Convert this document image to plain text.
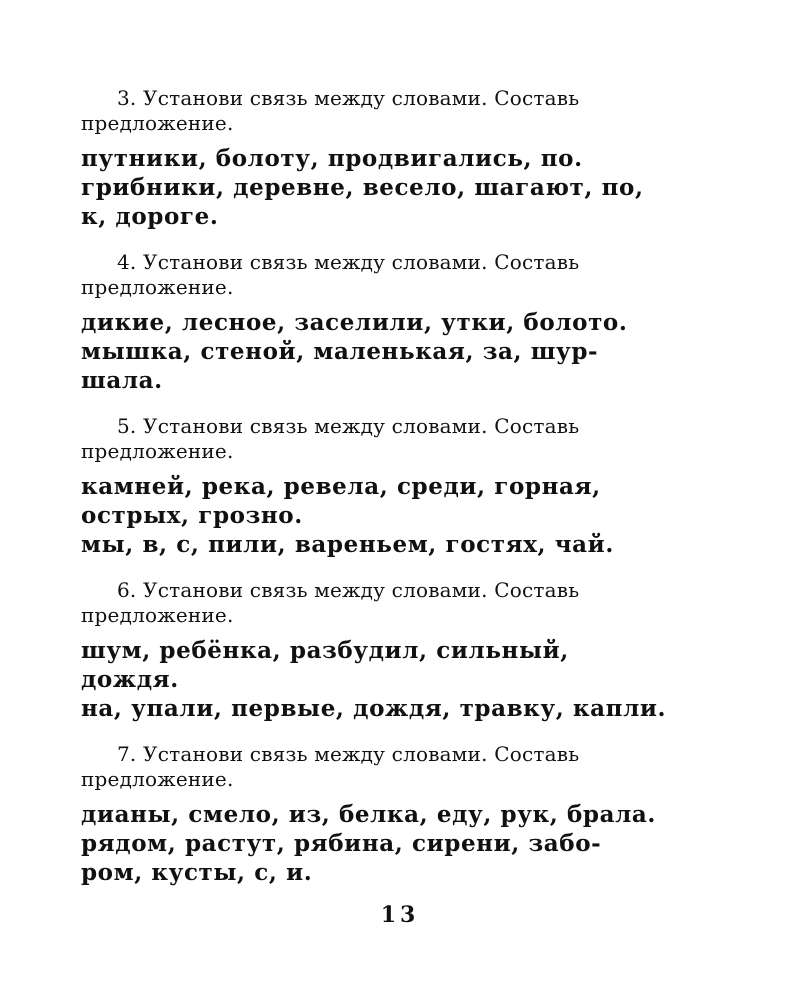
3. Установи связь между словами. Составь

предложение.

путники, болоту, продвигались, по.

грибники, деревне, весело, шагают, по,

к, дороге.

4. Установи связь между словами. Составь

предложение.

дикие, лесное, заселили, утки, болото.

мышка, стеной, маленькая, за, шур-

шала.

5. Установи связь между словами. Составь

предложение.

камней, река, ревела, среди, горная,

острых, грозно.

мы, в, с, пили, вареньем, гостях, чай.

6. Установи связь между словами. Составь

предложение.

шум, ребёнка, разбудил, сильный,

дождя.

на, упали, первые, дождя, травку, капли.

7. Установи связь между словами. Составь

предложение.

дианы, смело, из, белка, еду, рук, брала.

рядом, растут, рябина, сирени, забо-

ром, кусты, с, и.

13
